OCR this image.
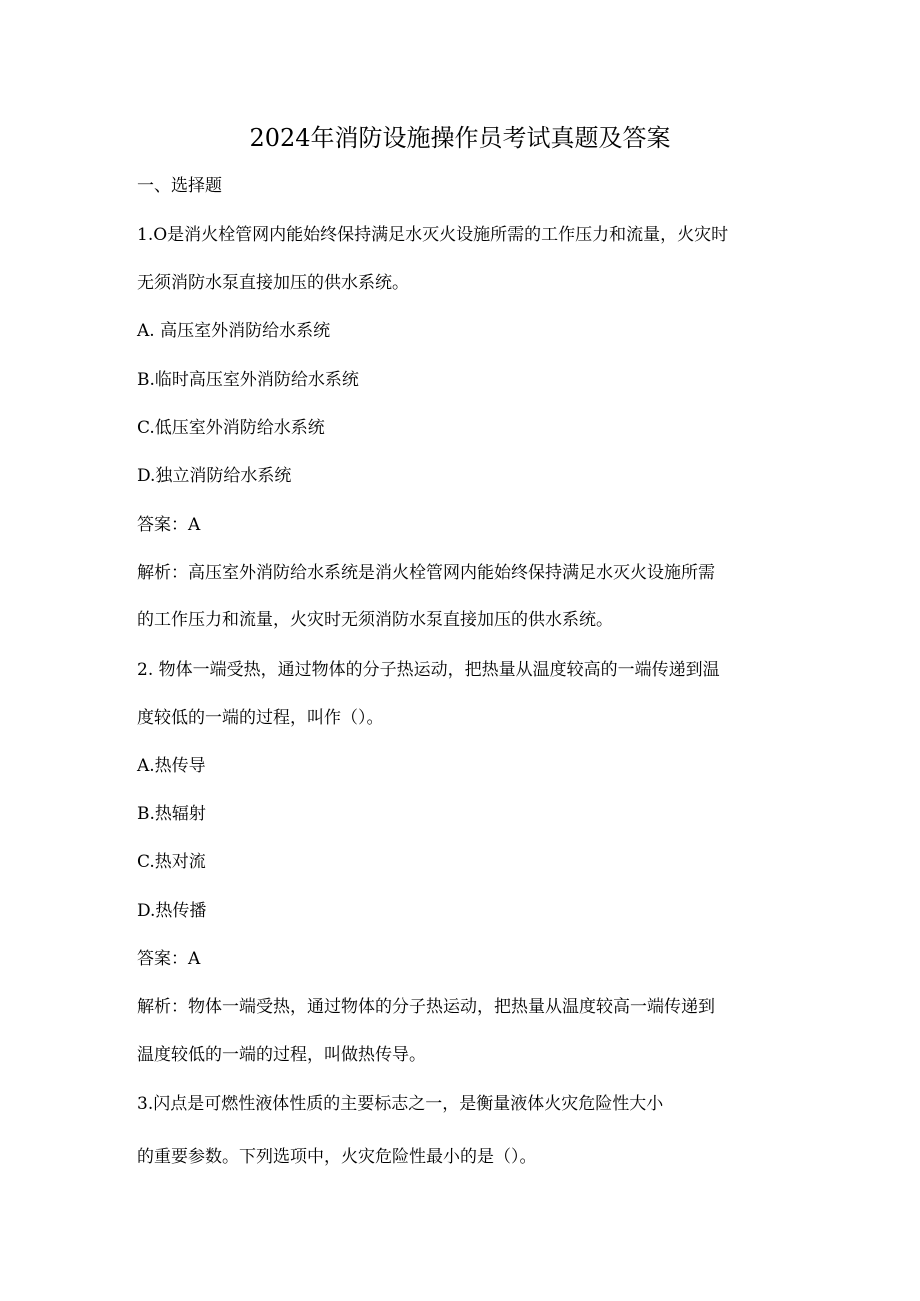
2024年消防设施操作员考试真题及答案

一、选择题

1.O是消火栓管网内能始终保持满足水灭火设施所需的工作压力和流量，火灾时

无须消防水泵直接加压的供水系统。

A. 高压室外消防给水系统

B.临时高压室外消防给水系统

C.低压室外消防给水系统

D.独立消防给水系统

答案：A

解析：高压室外消防给水系统是消火栓管网内能始终保持满足水灭火设施所需

的工作压力和流量，火灾时无须消防水泵直接加压的供水系统。

2. 物体一端受热，通过物体的分子热运动，把热量从温度较高的一端传递到温

度较低的一端的过程，叫作（）。

A.热传导

B.热辐射

C.热对流

D.热传播

答案：A

解析：物体一端受热，通过物体的分子热运动，把热量从温度较高一端传递到

温度较低的一端的过程，叫做热传导。

3.闪点是可燃性液体性质的主要标志之一，是衡量液体火灾危险性大小

的重要参数。下列选项中，火灾危险性最小的是（）。
